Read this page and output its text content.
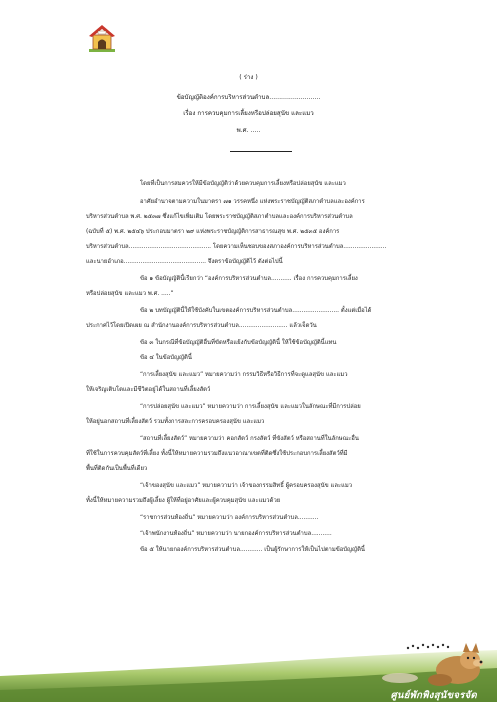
( ร่าง )
ข้อบัญญัติองค์การบริหารส่วนตำบล..........................
เรื่อง การควบคุมการเลี้ยงหรือปล่อยสุนัข และแมว
พ.ศ. .....
โดยที่เป็นการสมควรให้มีข้อบัญญัติว่าด้วยควบคุมการเลี้ยงหรือปล่อยสุนัข และแมว
อาศัยอำนาจตามความในมาตรา ๗๑ วรรคหนึ่ง แห่งพระราชบัญญัติสภาตำบลและองค์การ
บริหารส่วนตำบล พ.ศ. ๒๕๓๗ ซึ่งแก้ไขเพิ่มเติม โดยพระราชบัญญัติสภาตำบลและองค์การบริหารส่วนตำบล
(ฉบับที่ ๕) พ.ศ. ๒๕๔๖ ประกอบมาตรา ๒๙ แห่งพระราชบัญญัติการสาธารณสุข พ.ศ. ๒๕๓๕ องค์การ
บริหารส่วนตำบล............................................ โดยความเห็นชอบของสภาองค์การบริหารส่วนตำบล.......................
และนายอำเภอ............................................ จึงตราข้อบัญญัติไว้ ดังต่อไปนี้
ข้อ ๑ ข้อบัญญัตินี้เรียกว่า “องค์การบริหารส่วนตำบล........... เรื่อง การควบคุมการเลี้ยง
หรือปล่อยสุนัข และแมว พ.ศ. .....”
ข้อ ๒ บทบัญญัตินี้ให้ใช้บังคับในเขตองค์การบริหารส่วนตำบล......................... ตั้งแต่เมื่อได้
ประกาศไว้โดยเปิดเผย ณ สำนักงานองค์การบริหารส่วนตำบล.......................... แล้วเจ็ดวัน
ข้อ ๓ ในกรณีที่ข้อบัญญัติอื่นที่ขัดหรือแย้งกับข้อบัญญัตินี้ ให้ใช้ข้อบัญญัตินี้แทน
ข้อ ๔ ในข้อบัญญัตินี้
“การเลี้ยงสุนัข และแมว” หมายความว่า กรรมวิธีหรือวิธีการที่จะดูแลสุนัข และแมว
ให้เจริญเติบโตและมีชีวิตอยู่ได้ในสถานที่เลี้ยงสัตว์
“การปล่อยสุนัข และแมว” หมายความว่า การเลี้ยงสุนัข และแมวในลักษณะที่มีการปล่อย
ให้อยู่นอกสถานที่เลี้ยงสัตว์ รวมทั้งการสละการครอบครองสุนัข และแมว
“สถานที่เลี้ยงสัตว์” หมายความว่า คอกสัตว์ กรงสัตว์ ที่ขังสัตว์ หรือสถานที่ในลักษณะอื่น
ที่ใช้ในการควบคุมสัตว์ที่เลี้ยง ทั้งนี้ให้หมายความรวมถึงแนวอาณาเขตที่ติดซึ่งใช้ประกอบการเลี้ยงสัตว์ที่มี
พื้นที่ติดกันเป็นพื้นที่เดียว
“เจ้าของสุนัข และแมว” หมายความว่า เจ้าของกรรมสิทธิ์ ผู้ครอบครองสุนัข และแมว
ทั้งนี้ให้หมายความรวมถึงผู้เลี้ยง ผู้ให้ที่อยู่อาศัยและผู้ควบคุมสุนัข และแมวด้วย
“ราชการส่วนท้องถิ่น” หมายความว่า องค์การบริหารส่วนตำบล...........
“เจ้าพนักงานท้องถิ่น” หมายความว่า นายกองค์การบริหารส่วนตำบล...........
ข้อ ๕ ให้นายกองค์การบริหารส่วนตำบล............ เป็นผู้รักษาการให้เป็นไปตามข้อบัญญัตินี้
ศูนย์พักพิงสุนัขจรจัด
